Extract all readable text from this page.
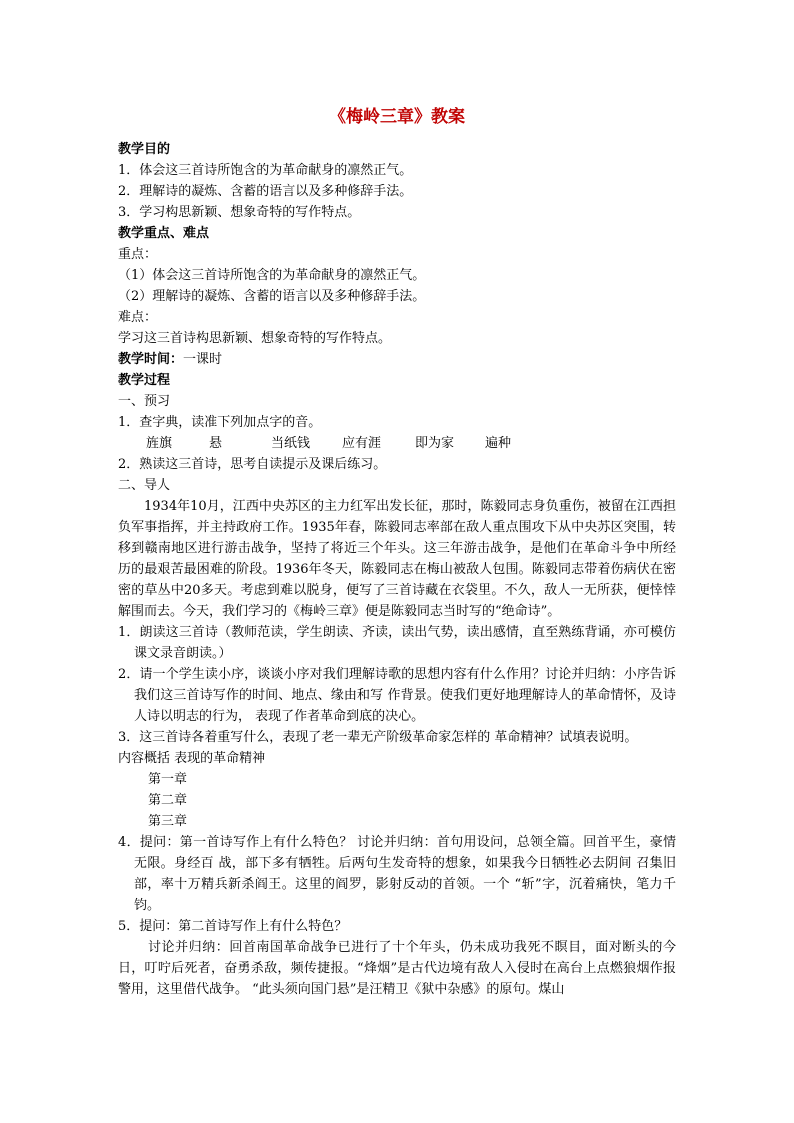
《梅岭三章》教案
教学目的
1．体会这三首诗所饱含的为革命献身的凛然正气。
2．理解诗的凝炼、含蓄的语言以及多种修辞手法。
3．学习构思新颖、想象奇特的写作特点。
教学重点、难点
重点：
（1）体会这三首诗所饱含的为革命献身的凛然正气。
（2）理解诗的凝炼、含蓄的语言以及多种修辞手法。
难点：
学习这三首诗构思新颖、想象奇特的写作特点。
教学时间：一课时
教学过程
一、预习
1．查字典，读准下列加点字的音。
旌旗	悬	当纸钱	应有涯	即为家	遍种
2．熟读这三首诗，思考自读提示及课后练习。
二、导人
1934年10月，江西中央苏区的主力红军出发长征，那时，陈毅同志身负重伤，被留在江西担负军事指挥，并主持政府工作。1935年春，陈毅同志率部在敌人重点围攻下从中央苏区突围，转移到赣南地区进行游击战争，坚持了将近三个年头。这三年游击战争，是他们在革命斗争中所经历的最艰苦最困难的阶段。1936年冬天，陈毅同志在梅山被敌人包围。陈毅同志带着伤病伏在密密的草丛中20多天。考虑到难以脱身，便写了三首诗藏在衣袋里。不久，敌人一无所获，便悻悻解围而去。今天，我们学习的《梅岭三章》便是陈毅同志当时写的“绝命诗”。
1．朗读这三首诗（教师范读，学生朗读、齐读，读出气势，读出感情，直至熟练背诵，亦可模仿课文录音朗读。）
2．请一个学生读小序，谈谈小序对我们理解诗歌的思想内容有什么作用？讨论并归纳：小序告诉我们这三首诗写作的时间、地点、缘由和写 作背景。使我们更好地理解诗人的革命情怀，及诗人诗以明志的行为， 表现了作者革命到底的决心。
3．这三首诗各着重写什么，表现了老一辈无产阶级革命家怎样的 革命精神？试填表说明。
内容概括 表现的革命精神
第一章
第二章
第三章
4．提问：第一首诗写作上有什么特色？ 讨论并归纳：首句用设问，总领全篇。回首平生，豪情无限。身经百 战，部下多有牺牲。后两句生发奇特的想象，如果我今日牺牲必去阴间 召集旧部，率十万精兵新杀阎王。这里的阎罗，影射反动的首领。一个 “斩”字，沉着痛快，笔力千钧。
5．提问：第二首诗写作上有什么特色？
讨论并归纳：回首南国革命战争已进行了十个年头，仍未成功我死不瞑目，面对断头的今日，叮咛后死者，奋勇杀敌，频传捷报。“烽烟”是古代边境有敌人入侵时在高台上点燃狼烟作报警用，这里借代战争。 “此头须向国门悬”是汪精卫《狱中杂感》的原句。煤山
